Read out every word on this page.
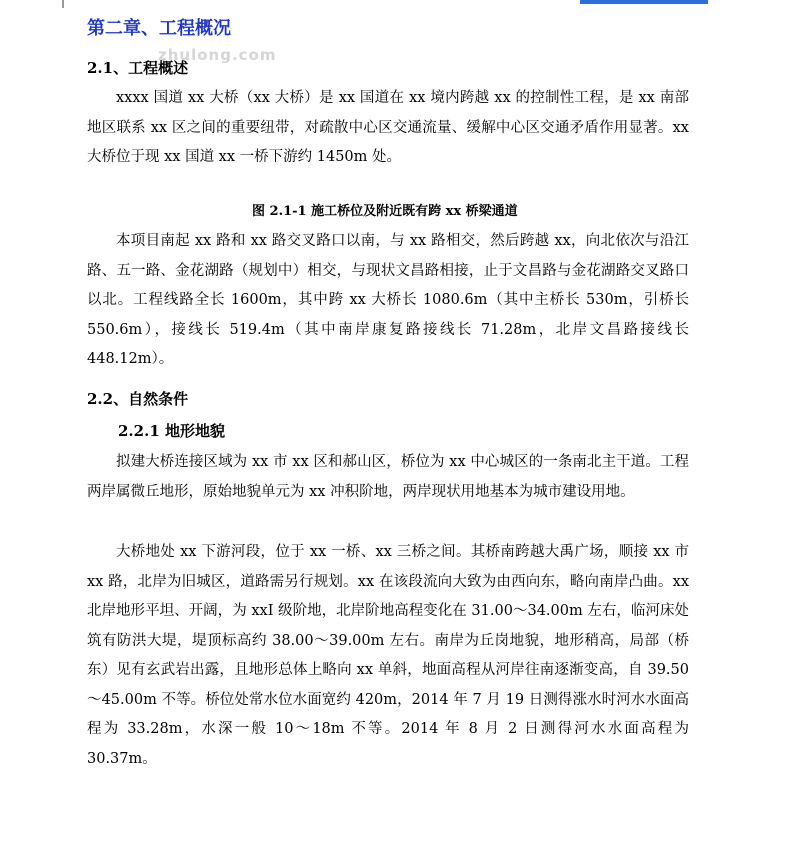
第二章、工程概况
zhulong.com
2.1、工程概述

xxxx 国道 xx 大桥（xx 大桥）是 xx 国道在 xx 境内跨越 xx 的控制性工程，是 xx 南部地区联系 xx 区之间的重要纽带，对疏散中心区交通流量、缓解中心区交通矛盾作用显著。xx 大桥位于现 xx 国道 xx 一桥下游约 1450m 处。

图 2.1-1 施工桥位及附近既有跨 xx 桥梁通道

本项目南起 xx 路和 xx 路交叉路口以南，与 xx 路相交，然后跨越 xx，向北依次与沿江路、五一路、金花湖路（规划中）相交，与现状文昌路相接，止于文昌路与金花湖路交叉路口以北。工程线路全长 1600m，其中跨 xx 大桥长 1080.6m（其中主桥长 530m，引桥长 550.6m），接线长 519.4m（其中南岸康复路接线长 71.28m，北岸文昌路接线长 448.12m）。

2.2、自然条件
2.2.1 地形地貌

拟建大桥连接区域为 xx 市 xx 区和郝山区，桥位为 xx 中心城区的一条南北主干道。工程两岸属微丘地形，原始地貌单元为 xx 冲积阶地，两岸现状用地基本为城市建设用地。

大桥地处 xx 下游河段，位于 xx 一桥、xx 三桥之间。其桥南跨越大禹广场，顺接 xx 市 xx 路，北岸为旧城区，道路需另行规划。xx 在该段流向大致为由西向东，略向南岸凸曲。xx 北岸地形平坦、开阔，为 xxI 级阶地，北岸阶地高程变化在 31.00～34.00m 左右，临河床处筑有防洪大堤，堤顶标高约 38.00～39.00m 左右。南岸为丘岗地貌，地形稍高，局部（桥东）见有玄武岩出露，且地形总体上略向 xx 单斜，地面高程从河岸往南逐渐变高，自 39.50～45.00m 不等。桥位处常水位水面宽约 420m，2014 年 7 月 19 日测得涨水时河水水面高程为 33.28m，水深一般 10～18m 不等。2014 年 8 月 2 日测得河水水面高程为 30.37m。
